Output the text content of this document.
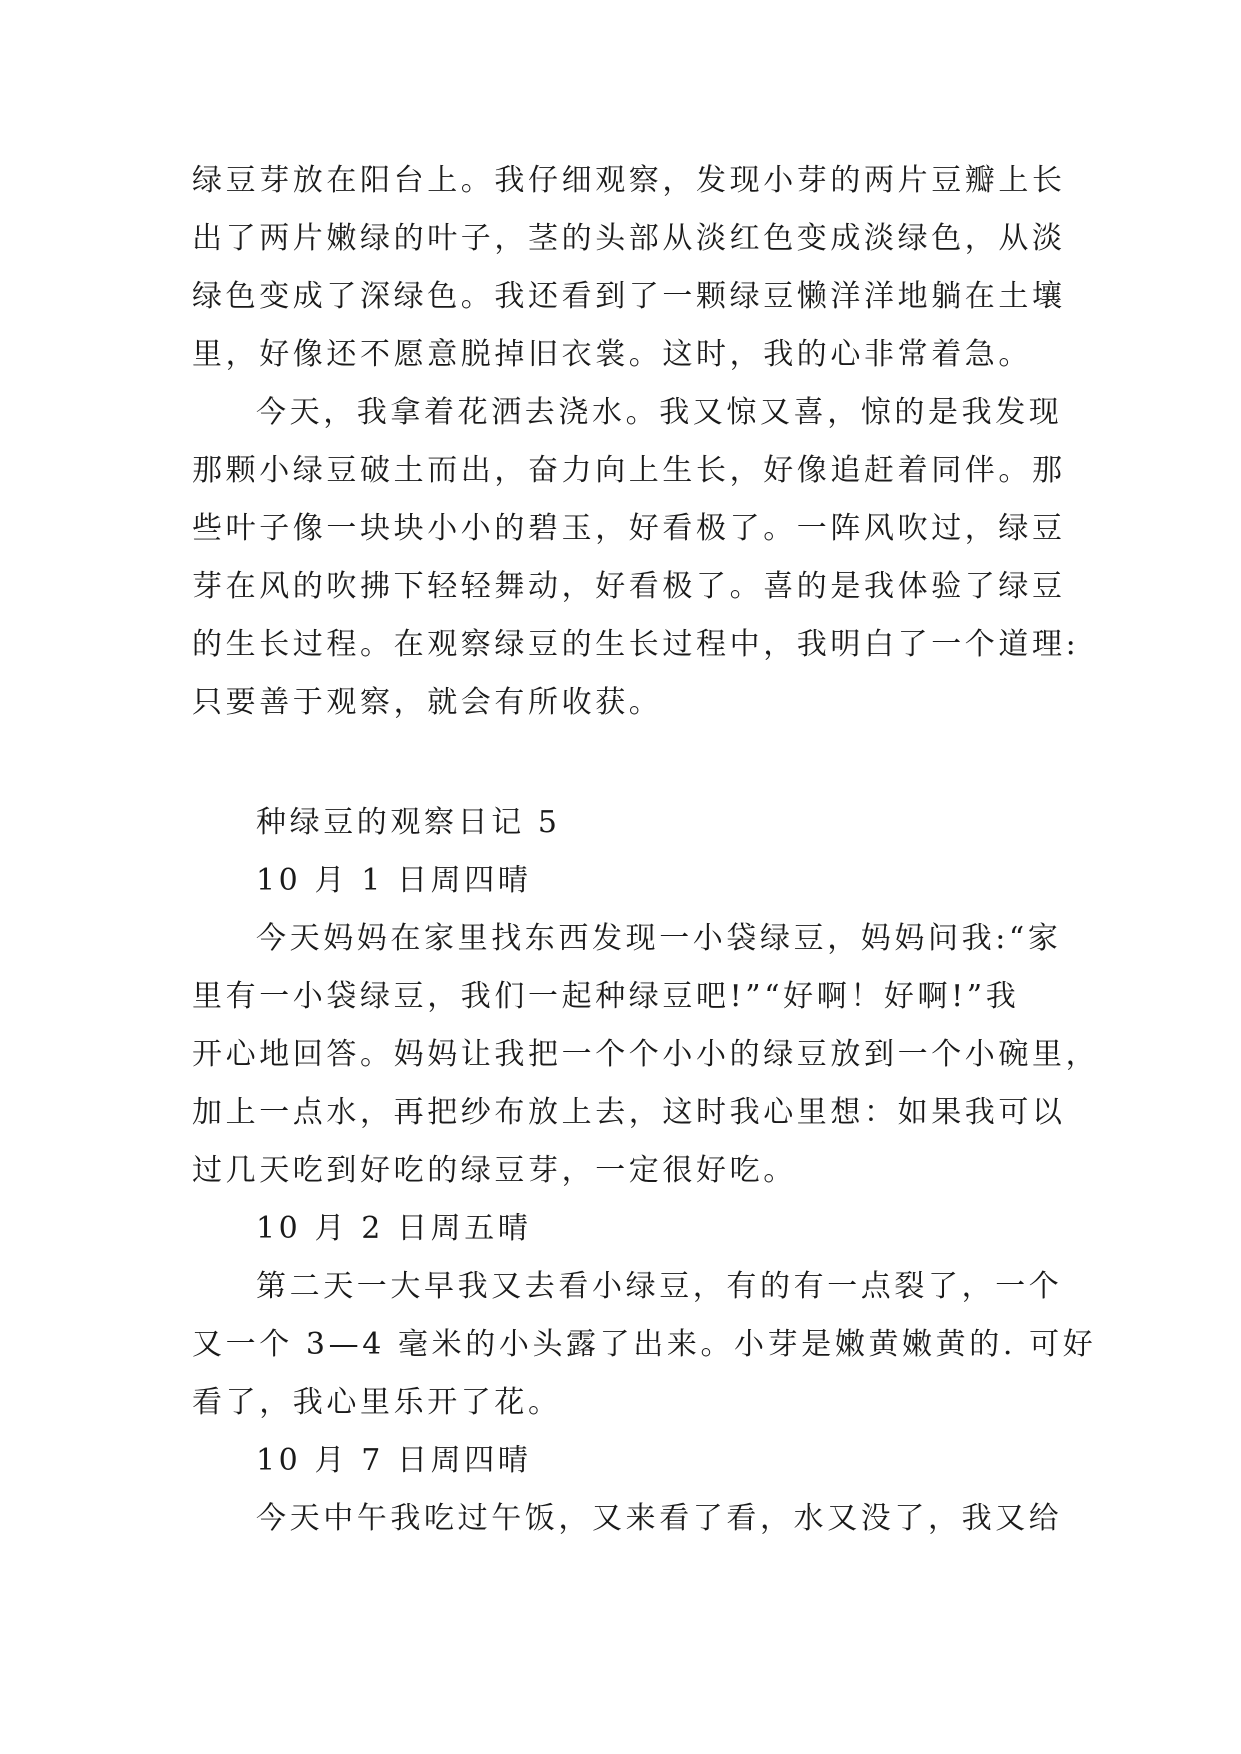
绿豆芽放在阳台上。我仔细观察，发现小芽的两片豆瓣上长
出了两片嫩绿的叶子，茎的头部从淡红色变成淡绿色，从淡
绿色变成了深绿色。我还看到了一颗绿豆懒洋洋地躺在土壤
里，好像还不愿意脱掉旧衣裳。这时，我的心非常着急。
今天，我拿着花洒去浇水。我又惊又喜，惊的是我发现
那颗小绿豆破土而出，奋力向上生长，好像追赶着同伴。那
些叶子像一块块小小的碧玉，好看极了。一阵风吹过，绿豆
芽在风的吹拂下轻轻舞动，好看极了。喜的是我体验了绿豆
的生长过程。在观察绿豆的生长过程中，我明白了一个道理:
只要善于观察，就会有所收获。
种绿豆的观察日记 5
10 月 1 日周四晴
今天妈妈在家里找东西发现一小袋绿豆，妈妈问我:“家
里有一小袋绿豆，我们一起种绿豆吧!”“好啊！好啊!”我
开心地回答。妈妈让我把一个个小小的绿豆放到一个小碗里，
加上一点水，再把纱布放上去，这时我心里想：如果我可以
过几天吃到好吃的绿豆芽，一定很好吃。
10 月 2 日周五晴
第二天一大早我又去看小绿豆，有的有一点裂了，一个
又一个 3—4 毫米的小头露了出来。小芽是嫩黄嫩黄的. 可好
看了，我心里乐开了花。
10 月 7 日周四晴
今天中午我吃过午饭，又来看了看，水又没了，我又给
